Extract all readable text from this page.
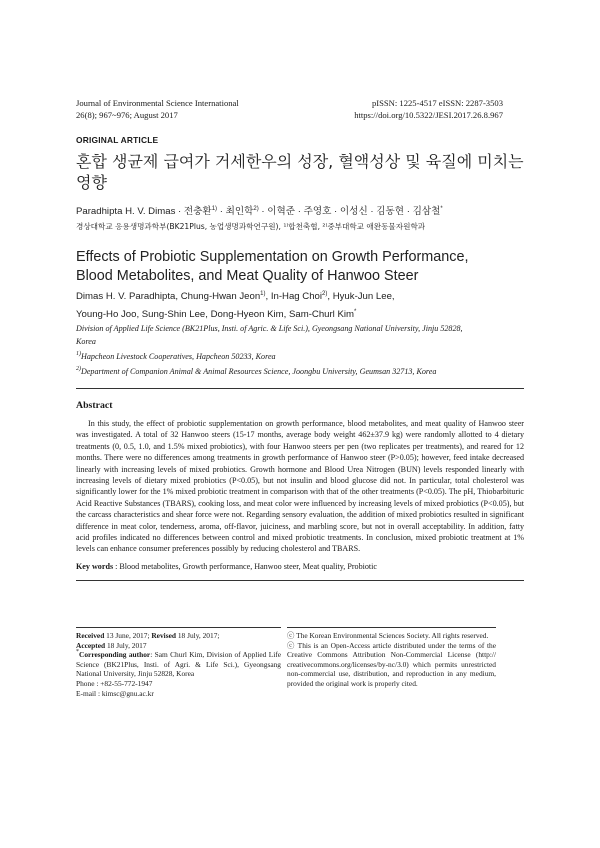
Journal of Environmental Science International
26(8); 967~976; August 2017
pISSN: 1225-4517 eISSN: 2287-3503
https://doi.org/10.5322/JESI.2017.26.8.967
ORIGINAL ARTICLE
혼합 생균제 급여가 거세한우의 성장, 혈액성상 및 육질에 미치는
영향
Paradhipta H. V. Dimas · 전충환$^{1)}$ · 최인학$^{2)}$ · 이혁준 · 주영호 · 이성신 · 김동현 · 김삼철*
경상대학교 응용생명과학부(BK21Plus, 농업생명과학연구원), ¹⁾합천축협, ²⁾중부대학교 애완동물자원학과
Effects of Probiotic Supplementation on Growth Performance,
Blood Metabolites, and Meat Quality of Hanwoo Steer
Dimas H. V. Paradhipta, Chung-Hwan Jeon$^{1)}$, In-Hag Choi$^{2)}$, Hyuk-Jun Lee,
Young-Ho Joo, Sung-Shin Lee, Dong-Hyeon Kim, Sam-Churl Kim*
Division of Applied Life Science (BK21Plus, Insti. of Agric. & Life Sci.), Gyeongsang National University, Jinju 52828,
Korea
$^{1)}$Hapcheon Livestock Cooperatives, Hapcheon 50233, Korea
$^{2)}$Department of Companion Animal & Animal Resources Science, Joongbu University, Geumsan 32713, Korea
Abstract

In this study, the effect of probiotic supplementation on growth performance, blood metabolites, and meat quality of Hanwoo steer was investigated. A total of 32 Hanwoo steers (15-17 months, average body weight 462±37.9 kg) were randomly allotted to 4 dietary treatments (0, 0.5, 1.0, and 1.5% mixed probiotics), with four Hanwoo steers per pen (two replicates per treatments), and reared for 12 months. There were no differences among treatments in growth performance of Hanwoo steer (P>0.05); however, feed intake decreased linearly with increasing levels of mixed probiotics. Growth hormone and Blood Urea Nitrogen (BUN) levels responded linearly with increasing levels of dietary mixed probiotics (P<0.05), but not insulin and blood glucose did not. In particular, total cholesterol was significantly lower for the 1% mixed probiotic treatment in comparison with that of the other treatments (P<0.05). The pH, Thiobarbituric Acid Reactive Substances (TBARS), cooking loss, and meat color were influenced by increasing levels of mixed probiotics (P<0.05), but the carcass characteristics and shear force were not. Regarding sensory evaluation, the addition of mixed probiotics resulted in significant difference in meat color, tenderness, aroma, off-flavor, juiciness, and marbling score, but not in overall acceptability. In addition, fatty acid profiles indicated no differences between control and mixed probiotic treatments. In conclusion, mixed probiotic treatment at 1% levels can enhance consumer preferences possibly by reducing cholesterol and TBARS.

Key words : Blood metabolites, Growth performance, Hanwoo steer, Meat quality, Probiotic
Received 13 June, 2017; Revised 18 July, 2017;
Accepted 18 July, 2017
*Corresponding author: Sam Churl Kim, Division of Applied Life Science (BK21Plus, Insti. of Agri. & Life Sci.), Gyeongsang National University, Jinju 52828, Korea
Phone : +82-55-772-1947
E-mail : kimsc@gnu.ac.kr
ⓒ The Korean Environmental Sciences Society. All rights reserved.
ⓒ This is an Open-Access article distributed under the terms of the Creative Commons Attribution Non-Commercial License (http:// creativecommons.org/licenses/by-nc/3.0) which permits unrestricted non-commercial use, distribution, and reproduction in any medium, provided the original work is properly cited.
